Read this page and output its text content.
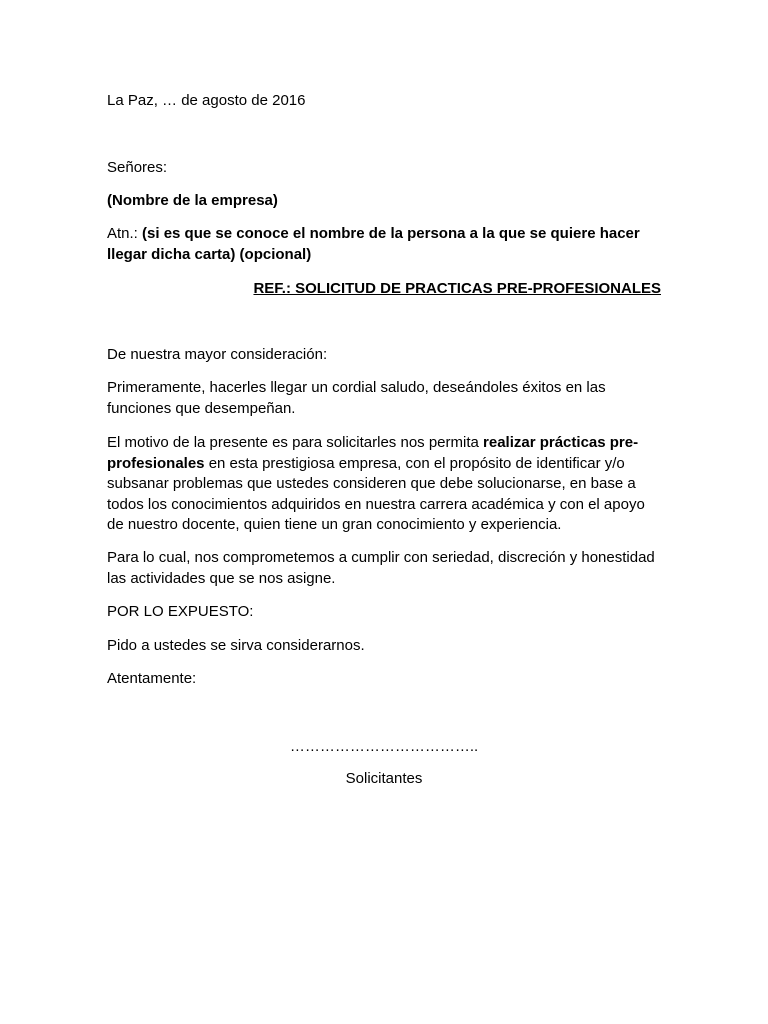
La Paz, … de agosto de 2016

Señores:

(Nombre de la empresa)

Atn.: (si es que se conoce el nombre de la persona a la que se quiere hacer llegar dicha carta) (opcional)

REF.: SOLICITUD DE PRACTICAS PRE-PROFESIONALES

De nuestra mayor consideración:

Primeramente, hacerles llegar un cordial saludo, deseándoles éxitos en las funciones que desempeñan.

El motivo de la presente es para solicitarles nos permita realizar prácticas pre-profesionales en esta prestigiosa empresa, con el propósito de identificar y/o subsanar problemas que ustedes consideren que debe solucionarse, en base a todos los conocimientos adquiridos en nuestra carrera académica y con el apoyo de nuestro docente, quien tiene un gran conocimiento y experiencia.

Para lo cual, nos comprometemos a cumplir con seriedad, discreción y honestidad las actividades que se nos asigne.

POR LO EXPUESTO:

Pido a ustedes se sirva considerarnos.

Atentamente:

………………………………..

Solicitantes
